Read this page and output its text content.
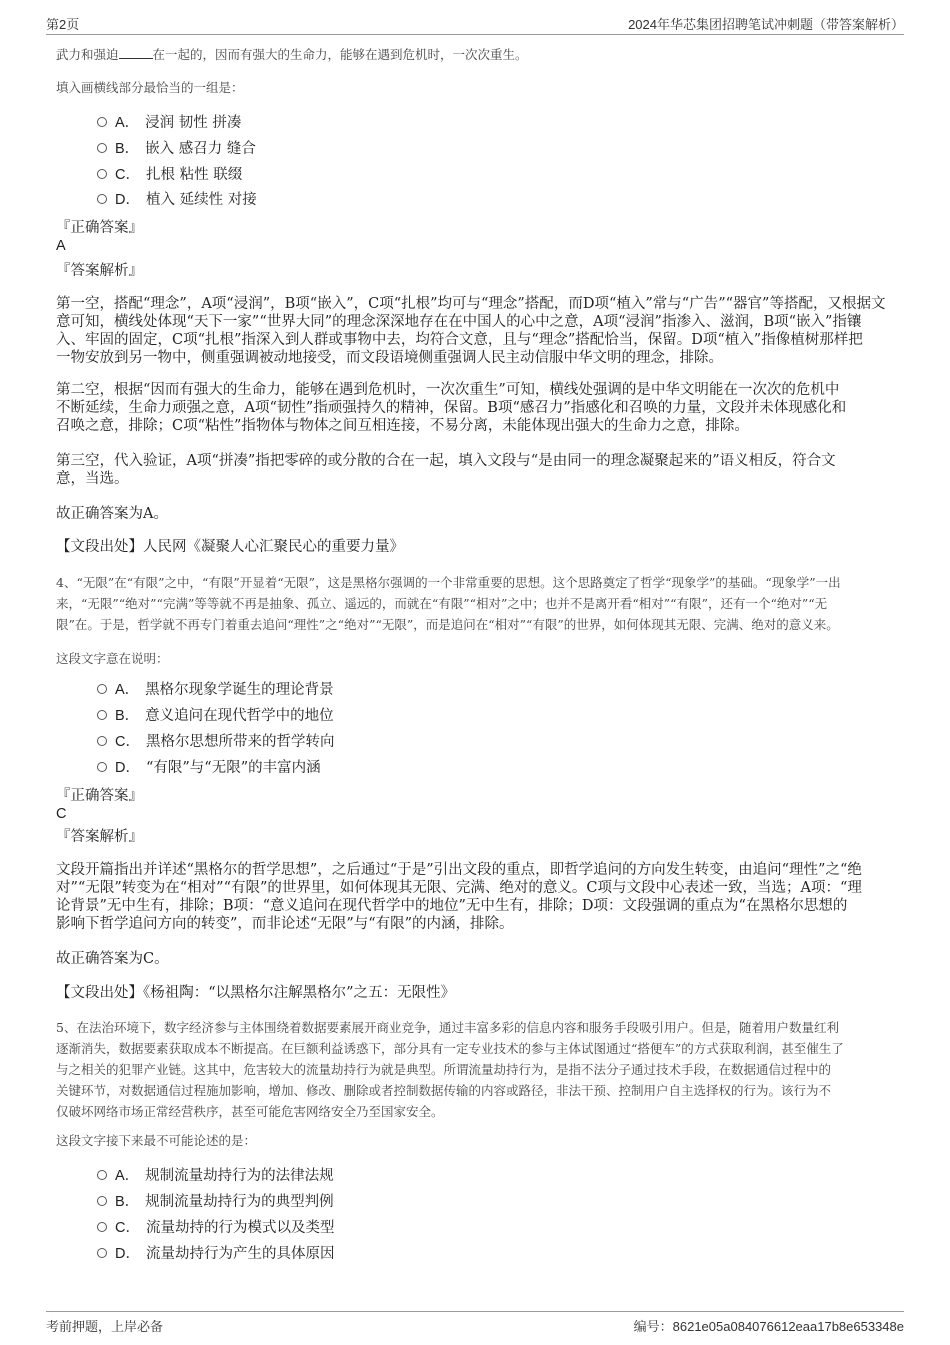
第2页	2024年华芯集团招聘笔试冲刺题（带答案解析）
武力和强迫	在一起的，因而有强大的生命力，能够在遇到危机时，一次次重生。
填入画横线部分最恰当的一组是：
A． 浸润 韧性 拼凑
B． 嵌入 感召力 缝合
C． 扎根 粘性 联缀
D． 植入 延续性 对接
『正确答案』
A
『答案解析』
第一空，搭配“理念”，A项“浸润”，B项“嵌入”，C项“扎根”均可与“理念”搭配，而D项“植入”常与“广告”“器官”等搭配，又根据文
意可知，横线处体现“天下一家”“世界大同”的理念深深地存在在中国人的心中之意，A项“浸润”指渗入、滋润，B项“嵌入”指镶
入、牢固的固定，C项“扎根”指深入到人群或事物中去，均符合文意，且与“理念”搭配恰当，保留。D项“植入”指像植树那样把
一物安放到另一物中，侧重强调被动地接受，而文段语境侧重强调人民主动信服中华文明的理念，排除。
第二空，根据“因而有强大的生命力，能够在遇到危机时，一次次重生”可知，横线处强调的是中华文明能在一次次的危机中
不断延续，生命力顽强之意，A项“韧性”指顽强持久的精神，保留。B项“感召力”指感化和召唤的力量，文段并未体现感化和
召唤之意，排除；C项“粘性”指物体与物体之间互相连接，不易分离，未能体现出强大的生命力之意，排除。
第三空，代入验证，A项“拼凑”指把零碎的或分散的合在一起，填入文段与“是由同一的理念凝聚起来的”语义相反，符合文
意，当选。
故正确答案为A。
【文段出处】人民网《凝聚人心汇聚民心的重要力量》
4、“无限”在“有限”之中，“有限”开显着“无限”，这是黑格尔强调的一个非常重要的思想。这个思路奠定了哲学“现象学”的基础。“现象学”一出
来，“无限”“绝对”“完满”等等就不再是抽象、孤立、遥远的，而就在“有限”“相对”之中；也并不是离开看“相对”“有限”，还有一个“绝对”“无
限”在。于是，哲学就不再专门着重去追问“理性”之“绝对”“无限”，而是追问在“相对”“有限”的世界，如何体现其无限、完满、绝对的意义来。
这段文字意在说明：
A． 黑格尔现象学诞生的理论背景
B． 意义追问在现代哲学中的地位
C． 黑格尔思想所带来的哲学转向
D． “有限”与“无限”的丰富内涵
『正确答案』
C
『答案解析』
文段开篇指出并详述“黑格尔的哲学思想”，之后通过“于是”引出文段的重点，即哲学追问的方向发生转变，由追问“理性”之“绝
对”“无限”转变为在“相对”“有限”的世界里，如何体现其无限、完满、绝对的意义。C项与文段中心表述一致，当选；A项：“理
论背景”无中生有，排除；B项：“意义追问在现代哲学中的地位”无中生有，排除；D项：文段强调的重点为“在黑格尔思想的
影响下哲学追问方向的转变”，而非论述“无限”与“有限”的内涵，排除。
故正确答案为C。
【文段出处】《杨祖陶：“以黑格尔注解黑格尔”之五：无限性》
5、在法治环境下，数字经济参与主体围绕着数据要素展开商业竞争，通过丰富多彩的信息内容和服务手段吸引用户。但是，随着用户数量红利
逐渐消失，数据要素获取成本不断提高。在巨额利益诱惑下，部分具有一定专业技术的参与主体试图通过“搭便车”的方式获取利润，甚至催生了
与之相关的犯罪产业链。这其中，危害较大的流量劫持行为就是典型。所谓流量劫持行为，是指不法分子通过技术手段，在数据通信过程中的
关键环节，对数据通信过程施加影响，增加、修改、删除或者控制数据传输的内容或路径，非法干预、控制用户自主选择权的行为。该行为不
仅破坏网络市场正常经营秩序，甚至可能危害网络安全乃至国家安全。
这段文字接下来最不可能论述的是：
A． 规制流量劫持行为的法律法规
B． 规制流量劫持行为的典型判例
C． 流量劫持的行为模式以及类型
D． 流量劫持行为产生的具体原因
考前押题，上岸必备	编号：8621e05a084076612eaa17b8e653348e
